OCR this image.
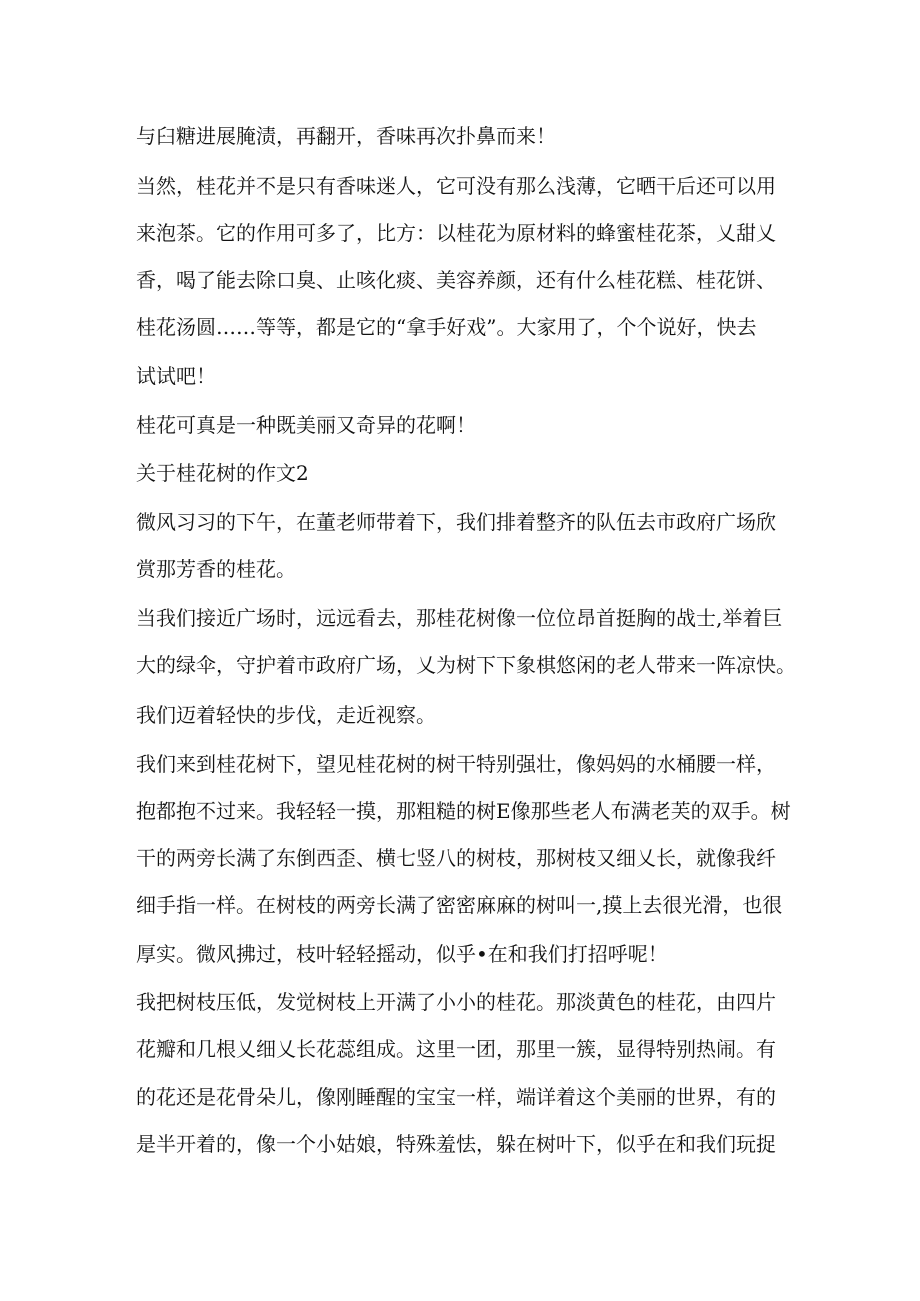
与臼糖进展腌渍，再翻开，香味再次扑鼻而来！
当然，桂花并不是只有香味迷人，它可没有那么浅薄，它晒干后还可以用
来泡茶。它的作用可多了，比方：以桂花为原材料的蜂蜜桂花茶，乂甜乂
香，喝了能去除口臭、止咳化痰、美容养颜，还有什么桂花糕、桂花饼、
桂花汤圆……等等，都是它的“拿手好戏”。大家用了，个个说好，快去
试试吧！
桂花可真是一种既美丽又奇异的花啊！
关于桂花树的作文2
微风习习的下午，在董老师带着下，我们排着整齐的队伍去市政府广场欣
赏那芳香的桂花。
当我们接近广场时，远远看去，那桂花树像一位位昂首挺胸的战士,举着巨
大的绿伞，守护着市政府广场，乂为树下下象棋悠闲的老人带来一阵凉快。
我们迈着轻快的步伐，走近视察。
我们来到桂花树下，望见桂花树的树干特别强壮，像妈妈的水桶腰一样，
抱都抱不过来。我轻轻一摸，那粗糙的树E像那些老人布满老芙的双手。树
干的两旁长满了东倒西歪、横七竖八的树枝，那树枝又细乂长，就像我纤
细手指一样。在树枝的两旁长满了密密麻麻的树叫一,摸上去很光滑，也很
厚实。微风拂过，枝叶轻轻摇动，似乎•在和我们打招呼呢！
我把树枝压低，发觉树枝上开满了小小的桂花。那淡黄色的桂花，由四片
花瓣和几根乂细乂长花蕊组成。这里一团，那里一簇，显得特别热闹。有
的花还是花骨朵儿，像刚睡醒的宝宝一样，端详着这个美丽的世界，有的
是半开着的，像一个小姑娘，特殊羞怯，躲在树叶下，似乎在和我们玩捉
